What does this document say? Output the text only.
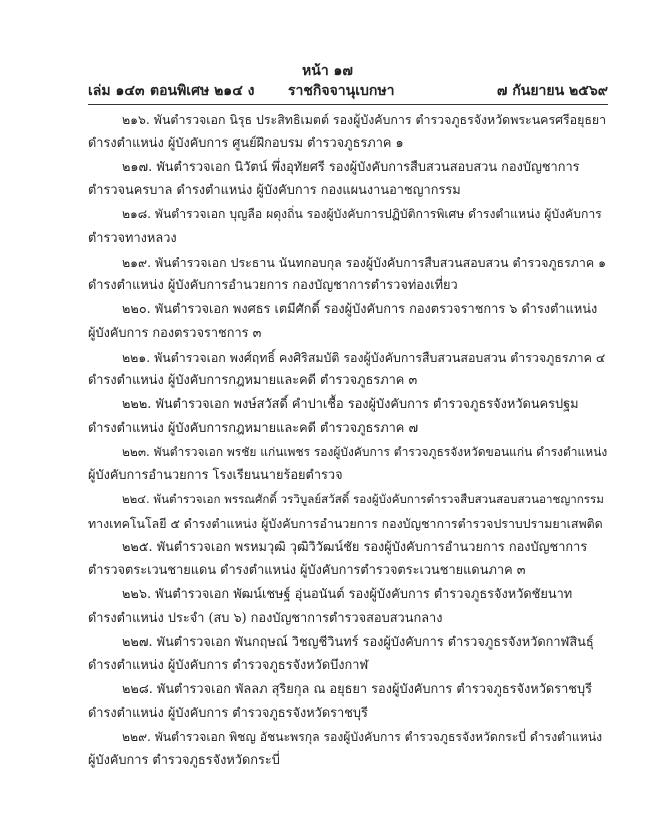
หน้า ๑๗
เล่ม ๑๔๓ ตอนพิเศษ ๒๑๔ ง ราชกิจจานุเบกษา	๗ กันยายน ๒๕๖๙
๒๑๖. พันตำรวจเอก นิรุธ ประสิทธิเมตต์ รองผู้บังคับการ ตำรวจภูธรจังหวัดพระนครศรีอยุธยา
ดำรงตำแหน่ง ผู้บังคับการ ศูนย์ฝึกอบรม ตำรวจภูธรภาค ๑
๒๑๗. พันตำรวจเอก นิวัตน์ พึ่งอุทัยศรี รองผู้บังคับการสืบสวนสอบสวน กองบัญชาการ
ตำรวจนครบาล ดำรงตำแหน่ง ผู้บังคับการ กองแผนงานอาชญากรรม
๒๑๘. พันตำรวจเอก บุญลือ ผดุงถิ่น รองผู้บังคับการปฏิบัติการพิเศษ ดำรงตำแหน่ง ผู้บังคับการ
ตำรวจทางหลวง
๒๑๙. พันตำรวจเอก ประธาน นันทกอบกุล รองผู้บังคับการสืบสวนสอบสวน ตำรวจภูธรภาค ๑
ดำรงตำแหน่ง ผู้บังคับการอำนวยการ กองบัญชาการตำรวจท่องเที่ยว
๒๒๐. พันตำรวจเอก พงศธร เตมีศักดิ์ รองผู้บังคับการ กองตรวจราชการ ๖ ดำรงตำแหน่ง
ผู้บังคับการ กองตรวจราชการ ๓
๒๒๑. พันตำรวจเอก พงศ์ฤทธิ์ คงศิริสมบัติ รองผู้บังคับการสืบสวนสอบสวน ตำรวจภูธรภาค ๔
ดำรงตำแหน่ง ผู้บังคับการกฎหมายและคดี ตำรวจภูธรภาค ๓
๒๒๒. พันตำรวจเอก พงษ์สวัสดิ์ คำปาเชื้อ รองผู้บังคับการ ตำรวจภูธรจังหวัดนครปฐม
ดำรงตำแหน่ง ผู้บังคับการกฎหมายและคดี ตำรวจภูธรภาค ๗
๒๒๓. พันตำรวจเอก พรชัย แก่นเพชร รองผู้บังคับการ ตำรวจภูธรจังหวัดขอนแก่น ดำรงตำแหน่ง
ผู้บังคับการอำนวยการ โรงเรียนนายร้อยตำรวจ
๒๒๔. พันตำรวจเอก พรรณศักดิ์ วรวิบูลย์สวัสดิ์ รองผู้บังคับการตำรวจสืบสวนสอบสวนอาชญากรรม
ทางเทคโนโลยี ๕ ดำรงตำแหน่ง ผู้บังคับการอำนวยการ กองบัญชาการตำรวจปราบปรามยาเสพติด
๒๒๕. พันตำรวจเอก พรหมวุฒิ วุฒิวิวัฒน์ชัย รองผู้บังคับการอำนวยการ กองบัญชาการ
ตำรวจตระเวนชายแดน ดำรงตำแหน่ง ผู้บังคับการตำรวจตระเวนชายแดนภาค ๓
๒๒๖. พันตำรวจเอก พัฒน์เชษฐ์ อุ่นอนันต์ รองผู้บังคับการ ตำรวจภูธรจังหวัดชัยนาท
ดำรงตำแหน่ง ประจำ (สบ ๖) กองบัญชาการตำรวจสอบสวนกลาง
๒๒๗. พันตำรวจเอก พันกฤษณ์ วิชญชีวินทร์ รองผู้บังคับการ ตำรวจภูธรจังหวัดกาฬสินธุ์
ดำรงตำแหน่ง ผู้บังคับการ ตำรวจภูธรจังหวัดบึงกาฬ
๒๒๘. พันตำรวจเอก พัลลภ สุริยกุล ณ อยุธยา รองผู้บังคับการ ตำรวจภูธรจังหวัดราชบุรี
ดำรงตำแหน่ง ผู้บังคับการ ตำรวจภูธรจังหวัดราชบุรี
๒๒๙. พันตำรวจเอก พิชญ อัชนะพรกุล รองผู้บังคับการ ตำรวจภูธรจังหวัดกระบี่ ดำรงตำแหน่ง
ผู้บังคับการ ตำรวจภูธรจังหวัดกระบี่
